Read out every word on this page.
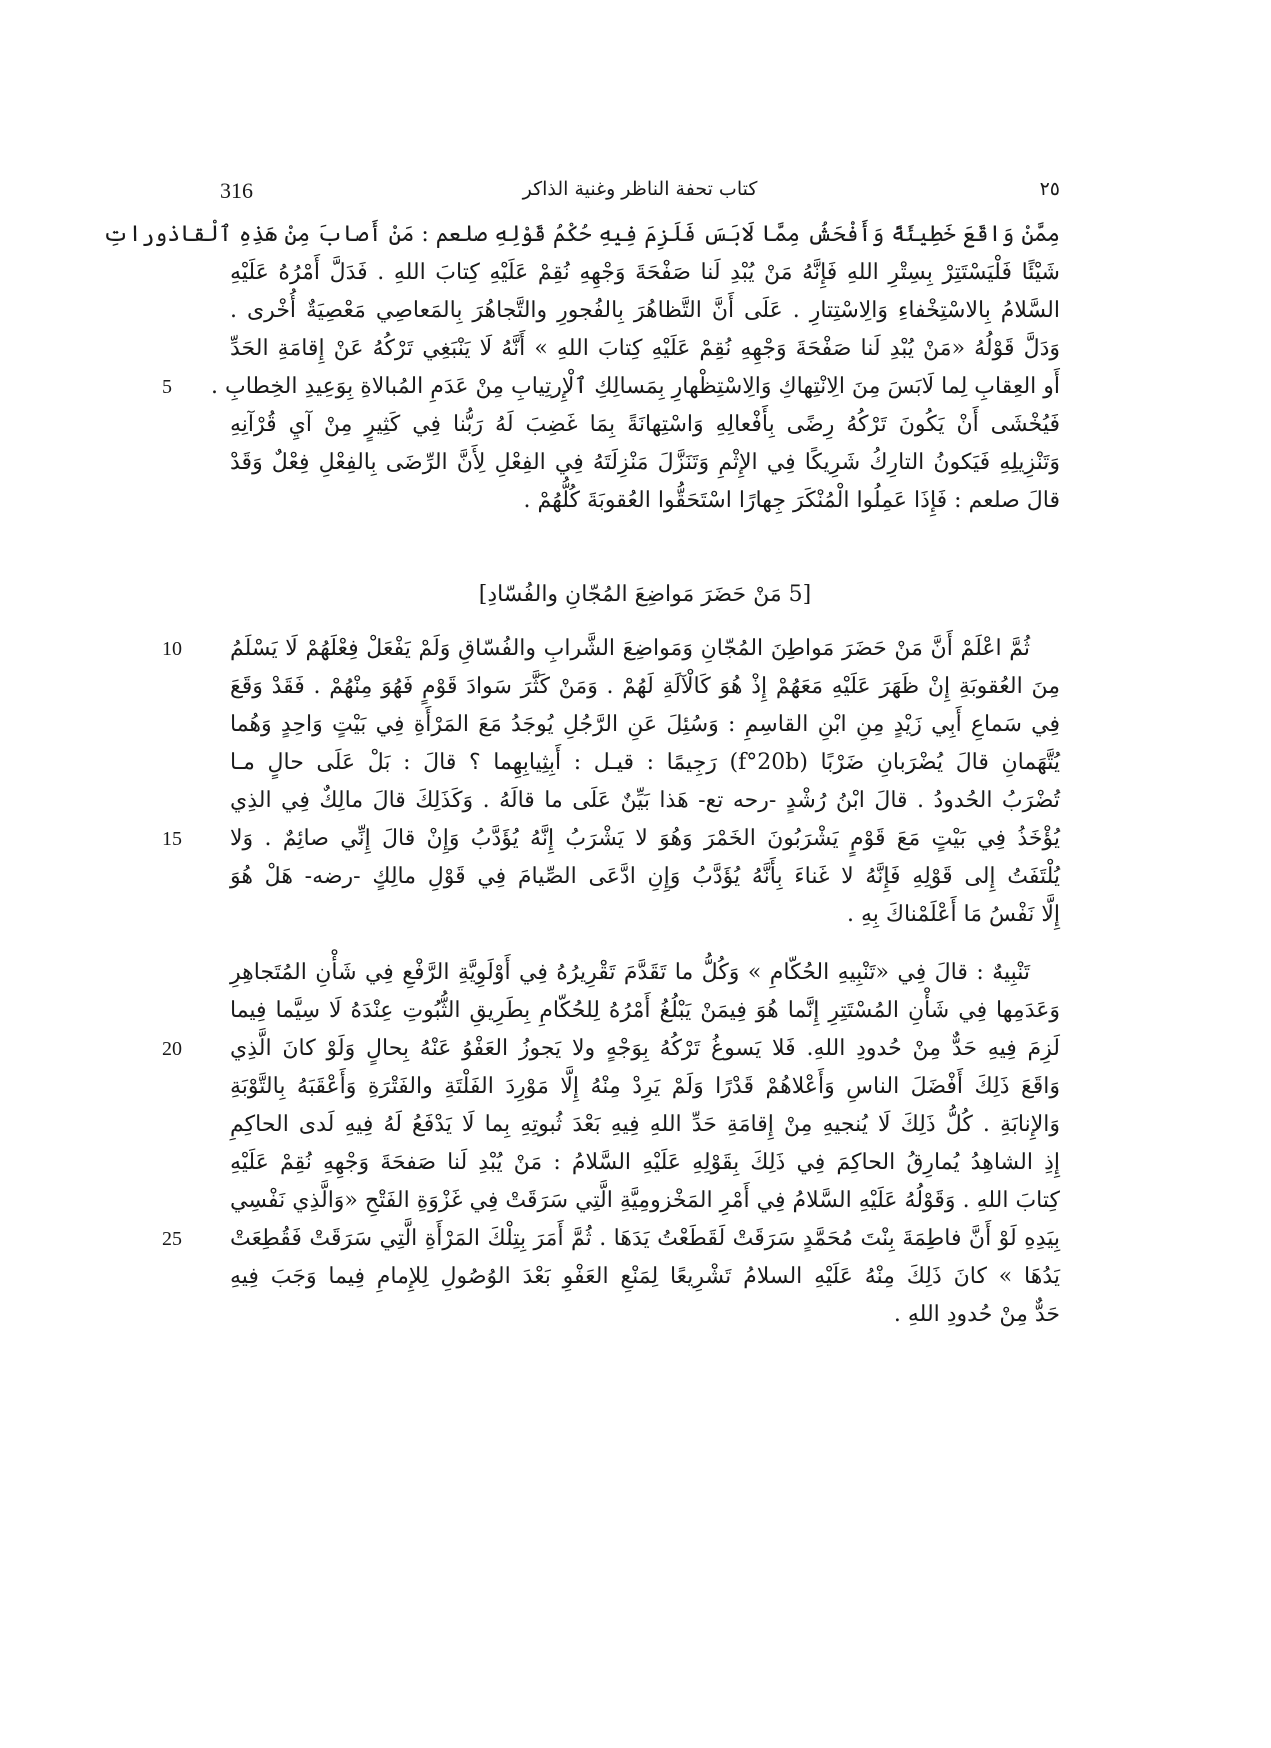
316	كتاب تحفة الناظر وغنية الذاكر	٢٥
مِمَّنْ وَاقَعَ خَطِيئَةً وَأَفْحَشُ مِمَّا لَابَسَ فَلَزِمَ فِيهِ حُكْمُ قَوْلِهِ صلعم : مَنْ أَصابَ مِنْ هَذِهِ ٱلْقاذوراتِ
شَيْئًا فَلْيَسْتَتِرْ بِسِتْرِ اللهِ فَإِنَّهُ مَنْ يُبْدِ لَنا صَفْحَةَ وَجْهِهِ نُقِمْ عَلَيْهِ كِتابَ اللهِ . فَدَلَّ أَمْرُهُ عَلَيْهِ
السَّلامُ بِالاسْتِخْفاءِ وَالِاسْتِتارِ . عَلَى أَنَّ التَّظاهُرَ بِالفُجورِ والتَّجاهُرَ بِالمَعاصِي مَعْصِيَةٌ أُخْرى .
وَدَلَّ قَوْلُهُ «مَنْ يُبْدِ لَنا صَفْحَةَ وَجْهِهِ نُقِمْ عَلَيْهِ كِتابَ اللهِ » أَنَّهُ لَا يَنْبَغِي تَرْكُهُ عَنْ إِقامَةِ الحَدِّ
أَو العِقابِ لِما لَابَسَ مِنَ الِانْتِهاكِ وَالِاسْتِظْهارِ بِمَسالِكِ ٱلْإِرتِيابِ مِنْ عَدَمِ المُبالاةِ بِوَعِيدِ الخِطابِ .
فَيُخْشَى أَنْ يَكُونَ تَرْكُهُ رِضًى بِأَفْعالِهِ وَاسْتِهانَةً بِمَا غَضِبَ لَهُ رَبُّنا فِي كَثِيرٍ مِنْ آيِ قُرْآنِهِ
وَتَنْزِيلِهِ فَيَكونُ التارِكُ شَرِيكًا فِي الإِثْمِ وَتَنَزَّلَ مَنْزِلَتَهُ فِي الفِعْلِ لِأَنَّ الرِّضَى بِالفِعْلِ فِعْلٌ وَقَدْ
قالَ صلعم : فَإِذَا عَمِلُوا الْمُنْكَرَ جِهارًا اسْتَحَقُّوا العُقوبَةَ كُلُّهُمْ .
[5 مَنْ حَضَرَ مَواضِعَ المُجّانِ والفُسّادِ]
ثُمَّ اعْلَمْ أَنَّ مَنْ حَضَرَ مَواطِنَ المُجّانِ وَمَواضِعَ الشَّرابِ والفُسّاقِ وَلَمْ يَفْعَلْ فِعْلَهُمْ لَا يَسْلَمُ
مِنَ العُقوبَةِ إِنْ ظَهَرَ عَلَيْهِ مَعَهُمْ إِذْ هُوَ كَالْآلَةِ لَهُمْ . وَمَنْ كَثَّرَ سَوادَ قَوْمٍ فَهُوَ مِنْهُمْ . فَقَدْ وَقَعَ
فِي سَماعِ أَبِي زَيْدٍ مِنِ ابْنِ القاسِمِ : وَسُئِلَ عَنِ الرَّجُلِ يُوجَدُ مَعَ المَرْأَةِ فِي بَيْتٍ وَاحِدٍ وَهُما
يُتَّهَمانِ قالَ يُضْرَبانِ ضَرْبًا (f°20b) رَجِيمًا : قيـل : أَبِثِيابِهِما ؟ قالَ : بَلْ عَلَى حالٍ مـا
تُضْرَبُ الحُدودُ . قالَ ابْنُ رُشْدٍ -رحه تع- هَذا بَيِّنٌ عَلَى ما قالَهُ . وَكَذَلِكَ قالَ مالِكٌ فِي الذِي
يُؤْخَذُ فِي بَيْتٍ مَعَ قَوْمٍ يَشْرَبُونَ الخَمْرَ وَهُوَ لا يَشْرَبُ إِنَّهُ يُؤَدَّبُ وَإِنْ قالَ إِنِّي صائِمٌ . وَلا
يُلْتَفَتُ إِلى قَوْلِهِ فَإِنَّهُ لا غَناءَ بِأَنَّهُ يُؤَدَّبُ وَإِنِ ادَّعَى الصِّيامَ فِي قَوْلِ مالِكٍ -رضه- هَلْ هُوَ
إِلَّا نَفْسُ مَا أَعْلَمْناكَ بِهِ .
تَنْبِيهٌ : قالَ فِي «تَنْبِيهِ الحُكّامِ » وَكُلُّ ما تَقَدَّمَ تَقْرِيرُهُ فِي أَوْلَوِيَّةِ الرَّفْعِ فِي شَأْنِ المُتَجاهِرِ
وَعَدَمِها فِي شَأْنِ المُسْتَتِرِ إِنَّما هُوَ فِيمَنْ يَبْلُغُ أَمْرُهُ لِلحُكّامِ بِطَرِيقِ الثُّبُوتِ عِنْدَهُ لَا سِيَّما فِيما
لَزِمَ فِيهِ حَدٌّ مِنْ حُدودِ اللهِ. فَلا يَسوغُ تَرْكُهُ بِوَجْهٍ ولا يَجوزُ العَفْوُ عَنْهُ بِحالٍ وَلَوْ كانَ الَّذِي
وَاقَعَ ذَلِكَ أَفْضَلَ الناسِ وَأَعْلاهُمْ قَدْرًا وَلَمْ يَرِدْ مِنْهُ إِلَّا مَوْرِدَ الفَلْتَةِ والفَتْرَةِ وَأَعْقَبَهُ بِالتَّوْبَةِ
وَالإِنابَةِ . كُلُّ ذَلِكَ لَا يُنجيهِ مِنْ إِقامَةِ حَدِّ اللهِ فِيهِ بَعْدَ ثُبوتِهِ بِما لَا يَدْفَعُ لَهُ فِيهِ لَدى الحاكِمِ
إِذِ الشاهِدُ يُمارِقُ الحاكِمَ فِي ذَلِكَ بِقَوْلِهِ عَلَيْهِ السَّلامُ : مَنْ يُبْدِ لَنا صَفحَةَ وَجْهِهِ نُقِمْ عَلَيْهِ
كِتابَ اللهِ . وَقَوْلُهُ عَلَيْهِ السَّلامُ فِي أَمْرِ المَخْزومِيَّةِ الَّتِي سَرَقَتْ فِي غَزْوَةِ الفَتْحِ «وَالَّذِي نَفْسِي
بِيَدِهِ لَوْ أَنَّ فاطِمَةَ بِنْتَ مُحَمَّدٍ سَرَقَتْ لَقَطَعْتُ يَدَهَا . ثُمَّ أَمَرَ بِتِلْكَ المَرْأَةِ الَّتِي سَرَقَتْ فَقُطِعَتْ
يَدُهَا » كانَ ذَلِكَ مِنْهُ عَلَيْهِ السلامُ تَشْرِيعًا لِمَنْعِ العَفْوِ بَعْدَ الوُصُولِ لِلإِمامِ فِيما وَجَبَ فِيهِ
حَدٌّ مِنْ حُدودِ اللهِ .
5
10
15
20
25
